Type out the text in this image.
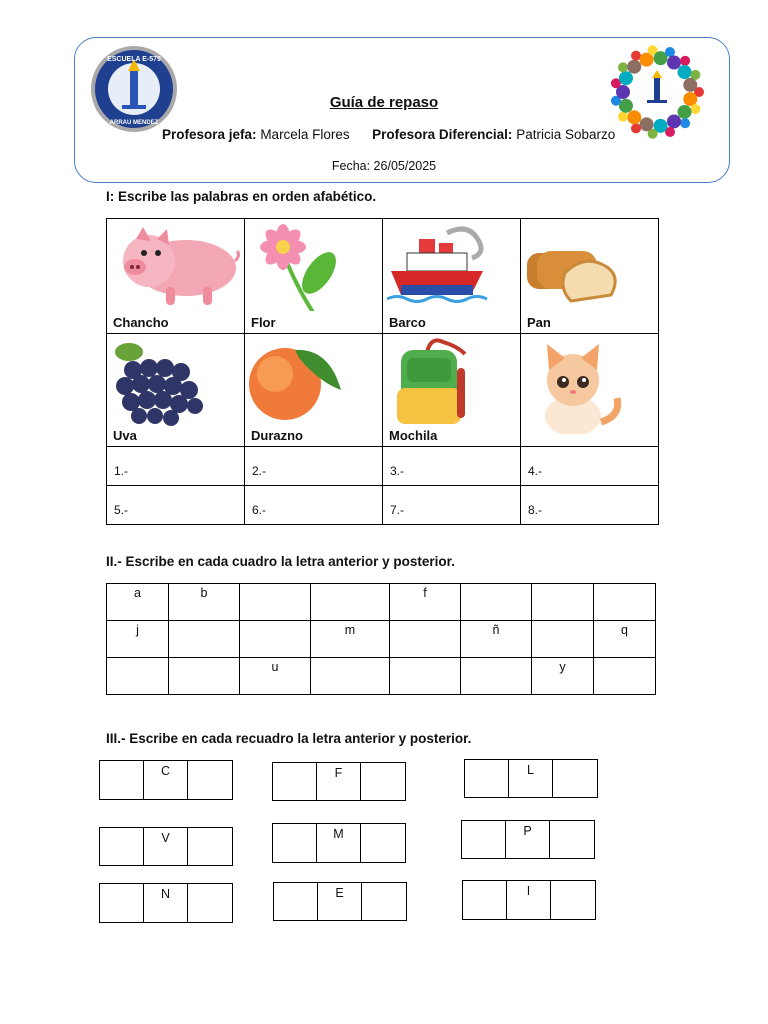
ESCUELA E-579
ARRAU MENDEZ
Guía de repaso
Profesora jefa: Marcela Flores Profesora Diferencial: Patricia Sobarzo
Fecha: 26/05/2025
I: Escribe las palabras en orden afabético.
Chancho	Flor	Barco	Pan

Uva	Durazno	Mochila

1.-	2.-	3.-	4.-

5.-	6.-	7.-	8.-
II.- Escribe en cada cuadro la letra anterior y posterior.
a	b			f			
j			m		ñ		q
		u				y	
III.- Escribe en cada recuadro la letra anterior y posterior.
C	F	L
V	M	P
N	E	I
